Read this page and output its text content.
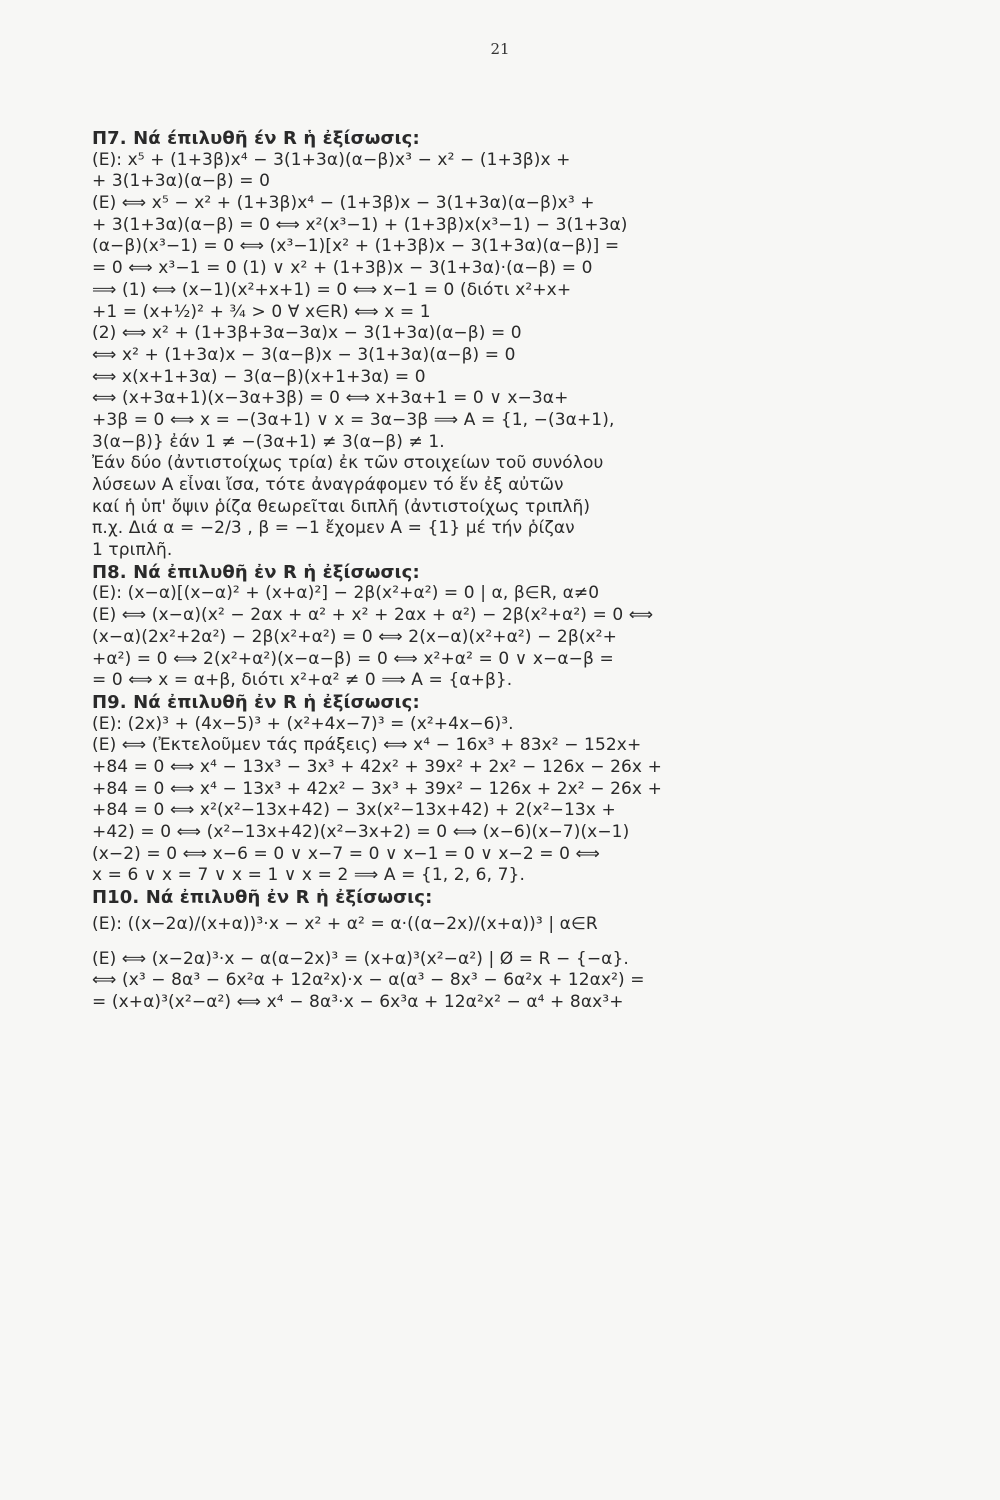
21
Π7. Νά έπιλυθῆ έν R ἡ ἐξίσωσις:
(E): x⁵ + (1+3β)x⁴ − 3(1+3α)(α−β)x³ − x² − (1+3β)x +
+ 3(1+3α)(α−β) = 0
(E) ⟺ x⁵ − x² + (1+3β)x⁴ − (1+3β)x − 3(1+3α)(α−β)x³ +
+ 3(1+3α)(α−β) = 0 ⟺ x²(x³−1) + (1+3β)x(x³−1) − 3(1+3α)
(α−β)(x³−1) = 0 ⟺ (x³−1)[x² + (1+3β)x − 3(1+3α)(α−β)] =
= 0 ⟺ x³−1 = 0 (1) ∨ x² + (1+3β)x − 3(1+3α)·(α−β) = 0
⟹ (1) ⟺ (x−1)(x²+x+1) = 0 ⟺ x−1 = 0 (διότι x²+x+
+1 = (x+½)² + ¾ > 0 ∀ x∈R) ⟺ x = 1
(2) ⟺ x² + (1+3β+3α−3α)x − 3(1+3α)(α−β) = 0
⟺ x² + (1+3α)x − 3(α−β)x − 3(1+3α)(α−β) = 0
⟺ x(x+1+3α) − 3(α−β)(x+1+3α) = 0
⟺ (x+3α+1)(x−3α+3β) = 0 ⟺ x+3α+1 = 0 ∨ x−3α+
+3β = 0 ⟺ x = −(3α+1) ∨ x = 3α−3β ⟹ A = {1, −(3α+1),
3(α−β)} ἐάν 1 ≠ −(3α+1) ≠ 3(α−β) ≠ 1.
Ἐάν δύο (ἀντιστοίχως τρία) ἐκ τῶν στοιχείων τοῦ συνόλου
λύσεων A εἶναι ἴσα, τότε ἀναγράφομεν τό ἕν ἐξ αὐτῶν
καί ἡ ὑπ' ὄψιν ῥίζα θεωρεῖται διπλῆ (ἀντιστοίχως τριπλῆ)
π.χ. Διά α = −2/3 , β = −1 ἔχομεν A = {1} μέ τήν ῥίζαν
1 τριπλῆ.
Π8. Νά ἐπιλυθῆ ἐν R ἡ ἐξίσωσις:
(E): (x−α)[(x−α)² + (x+α)²] − 2β(x²+α²) = 0 | α, β∈R, α≠0
(E) ⟺ (x−α)(x² − 2αx + α² + x² + 2αx + α²) − 2β(x²+α²) = 0 ⟺
(x−α)(2x²+2α²) − 2β(x²+α²) = 0 ⟺ 2(x−α)(x²+α²) − 2β(x²+
+α²) = 0 ⟺ 2(x²+α²)(x−α−β) = 0 ⟺ x²+α² = 0 ∨ x−α−β =
= 0 ⟺ x = α+β, διότι x²+α² ≠ 0 ⟹ A = {α+β}.
Π9. Νά ἐπιλυθῆ ἐν R ἡ ἐξίσωσις:
(E): (2x)³ + (4x−5)³ + (x²+4x−7)³ = (x²+4x−6)³.
(E) ⟺ (Ἐκτελοῦμεν τάς πράξεις) ⟺ x⁴ − 16x³ + 83x² − 152x+
+84 = 0 ⟺ x⁴ − 13x³ − 3x³ + 42x² + 39x² + 2x² − 126x − 26x +
+84 = 0 ⟺ x⁴ − 13x³ + 42x² − 3x³ + 39x² − 126x + 2x² − 26x +
+84 = 0 ⟺ x²(x²−13x+42) − 3x(x²−13x+42) + 2(x²−13x +
+42) = 0 ⟺ (x²−13x+42)(x²−3x+2) = 0 ⟺ (x−6)(x−7)(x−1)
(x−2) = 0 ⟺ x−6 = 0 ∨ x−7 = 0 ∨ x−1 = 0 ∨ x−2 = 0 ⟺
x = 6 ∨ x = 7 ∨ x = 1 ∨ x = 2 ⟹ A = {1, 2, 6, 7}.
Π10. Νά ἐπιλυθῆ ἐν R ἡ ἐξίσωσις:
(E): ((x−2α)/(x+α))³·x − x² + α² = α·((α−2x)/(x+α))³ | α∈R
(E) ⟺ (x−2α)³·x − α(α−2x)³ = (x+α)³(x²−α²) | Ø = R − {−α}.
⟺ (x³ − 8α³ − 6x²α + 12α²x)·x − α(α³ − 8x³ − 6α²x + 12αx²) =
= (x+α)³(x²−α²) ⟺ x⁴ − 8α³·x − 6x³α + 12α²x² − α⁴ + 8αx³+
